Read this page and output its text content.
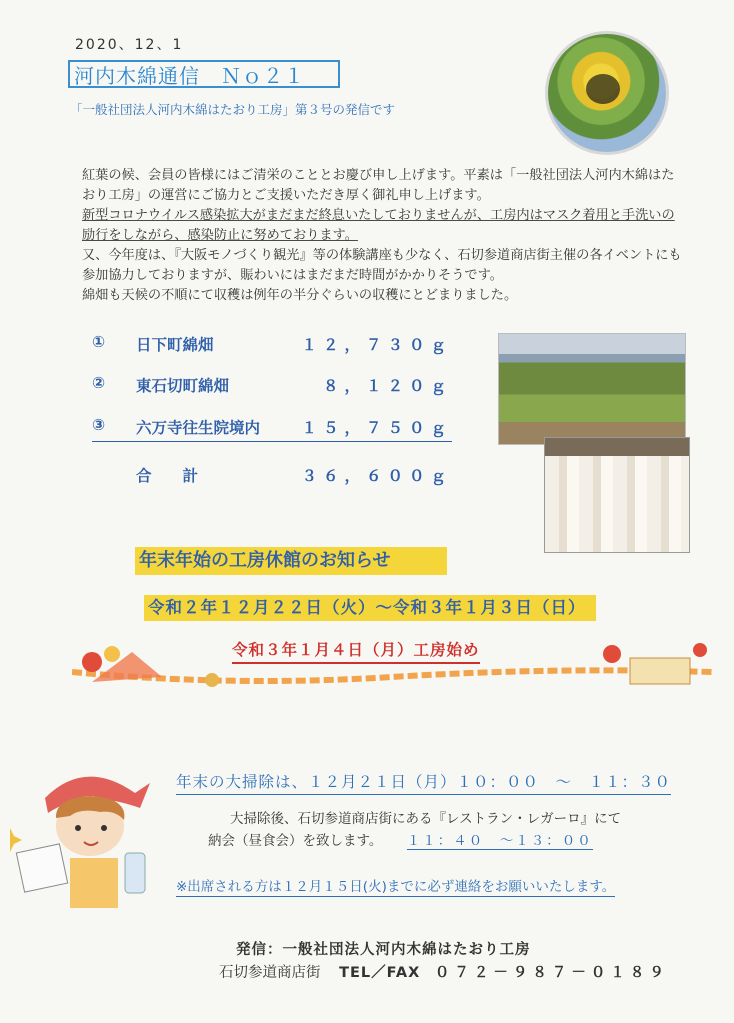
2020、12、1
河内木綿通信　Ｎｏ２１
「一般社団法人河内木綿はたおり工房」第３号の発信です
紅葉の候、会員の皆様にはご清栄のこととお慶び申し上げます。平素は「一般社団法人河内木綿はたおり工房」の運営にご協力とご支援いただき厚く御礼申し上げます。
新型コロナウイルス感染拡大がまだまだ終息いたしておりませんが、工房内はマスク着用と手洗いの励行をしながら、感染防止に努めております。
又、今年度は、『大阪モノづくり観光』等の体験講座も少なく、石切参道商店街主催の各イベントにも参加協力しておりますが、賑わいにはまだまだ時間がかかりそうです。
綿畑も天候の不順にて収穫は例年の半分ぐらいの収穫にとどまりました。
① 日下町綿畑	１２，７３０ｇ
② 東石切町綿畑	８，１２０ｇ
③ 六万寺往生院境内	１５，７５０ｇ
合　　計	３６，６００ｇ
年末年始の工房休館のお知らせ
令和２年１２月２２日（火）～令和３年１月３日（日）
令和３年１月４日（月）工房始め
年末の大掃除は、１２月２１日（月）１０：００　～　１１：３０
大掃除後、石切参道商店街にある『レストラン・レガーロ』にて
納会（昼食会）を致します。 １１：４０　～１３：００
※出席される方は１２月１５日(火)までに必ず連絡をお願いいたします。
発信：一般社団法人河内木綿はたおり工房
石切参道商店街 TEL／FAX ０７２－９８７－０１８９
